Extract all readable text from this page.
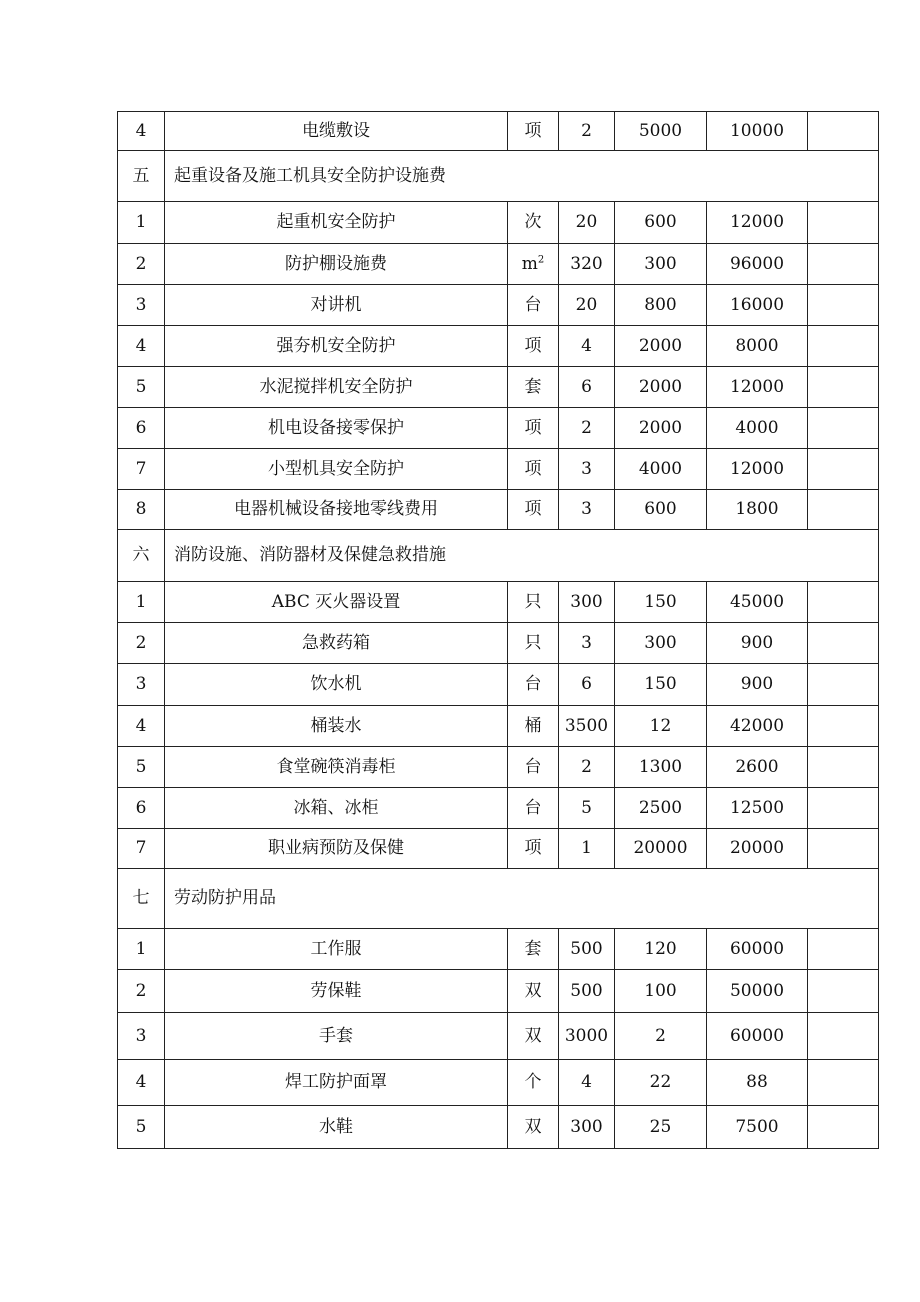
4	电缆敷设	项	2	5000	10000	
五	起重设备及施工机具安全防护设施费					
1	起重机安全防护	次	20	600	12000	
2	防护棚设施费	$m^2$	320	300	96000	
3	对讲机	台	20	800	16000	
4	强夯机安全防护	项	4	2000	8000	
5	水泥搅拌机安全防护	套	6	2000	12000	
6	机电设备接零保护	项	2	2000	4000	
7	小型机具安全防护	项	3	4000	12000	
8	电器机械设备接地零线费用	项	3	600	1800	
六	消防设施、消防器材及保健急救措施					
1	ABC 灭火器设置	只	300	150	45000	
2	急救药箱	只	3	300	900	
3	饮水机	台	6	150	900	
4	桶装水	桶	3500	12	42000	
5	食堂碗筷消毒柜	台	2	1300	2600	
6	冰箱、冰柜	台	5	2500	12500	
7	职业病预防及保健	项	1	20000	20000	
七	劳动防护用品					
1	工作服	套	500	120	60000	
2	劳保鞋	双	500	100	50000	
3	手套	双	3000	2	60000	
4	焊工防护面罩	个	4	22	88	
5	水鞋	双	300	25	7500	
